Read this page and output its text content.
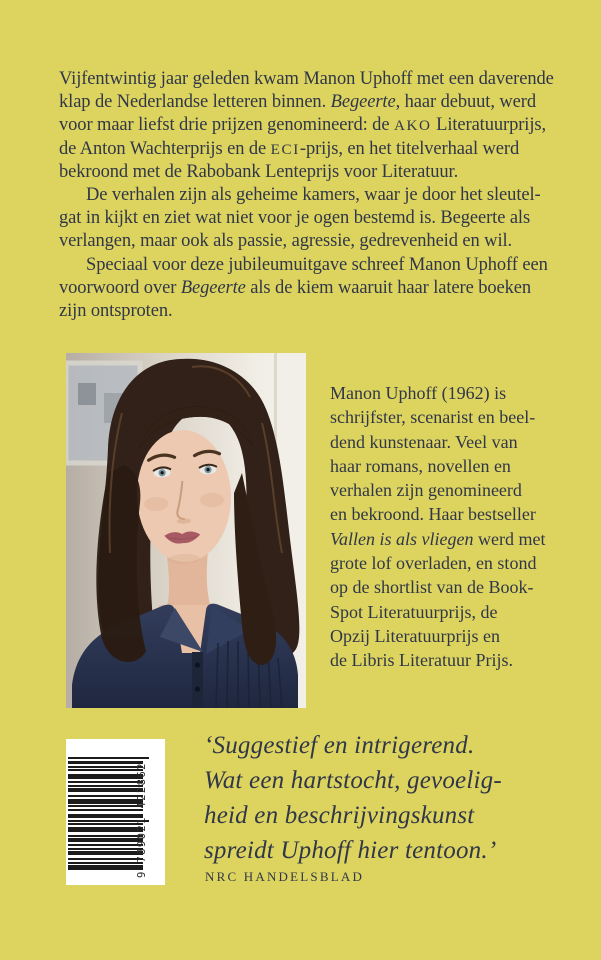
Vijfentwintig jaar geleden kwam Manon Uphoff met een daverende
klap de Nederlandse letteren binnen. Begeerte, haar debuut, werd
voor maar liefst drie prijzen genomineerd: de AKO Literatuurprijs,
de Anton Wachterprijs en de ECI-prijs, en het titelverhaal werd
bekroond met de Rabobank Lenteprijs voor Literatuur.
De verhalen zijn als geheime kamers, waar je door het sleutel-
gat in kijkt en ziet wat niet voor je ogen bestemd is. Begeerte als
verlangen, maar ook als passie, agressie, gedrevenheid en wil.
Speciaal voor deze jubileumuitgave schreef Manon Uphoff een
voorwoord over Begeerte als de kiem waaruit haar latere boeken
zijn ontsproten.
Manon Uphoff (1962) is
schrijfster, scenarist en beel-
dend kunstenaar. Veel van
haar romans, novellen en
verhalen zijn genomineerd
en bekroond. Haar bestseller
Vallen is als vliegen werd met
grote lof overladen, en stond
op de shortlist van de Book-
Spot Literatuurprijs, de
Opzij Literatuurprijs en
de Libris Literatuur Prijs.
9 789021 422862
‘Suggestief en intrigerend.
Wat een hartstocht, gevoelig-
heid en beschrijvingskunst
spreidt Uphoff hier tentoon.’
NRC HANDELSBLAD
